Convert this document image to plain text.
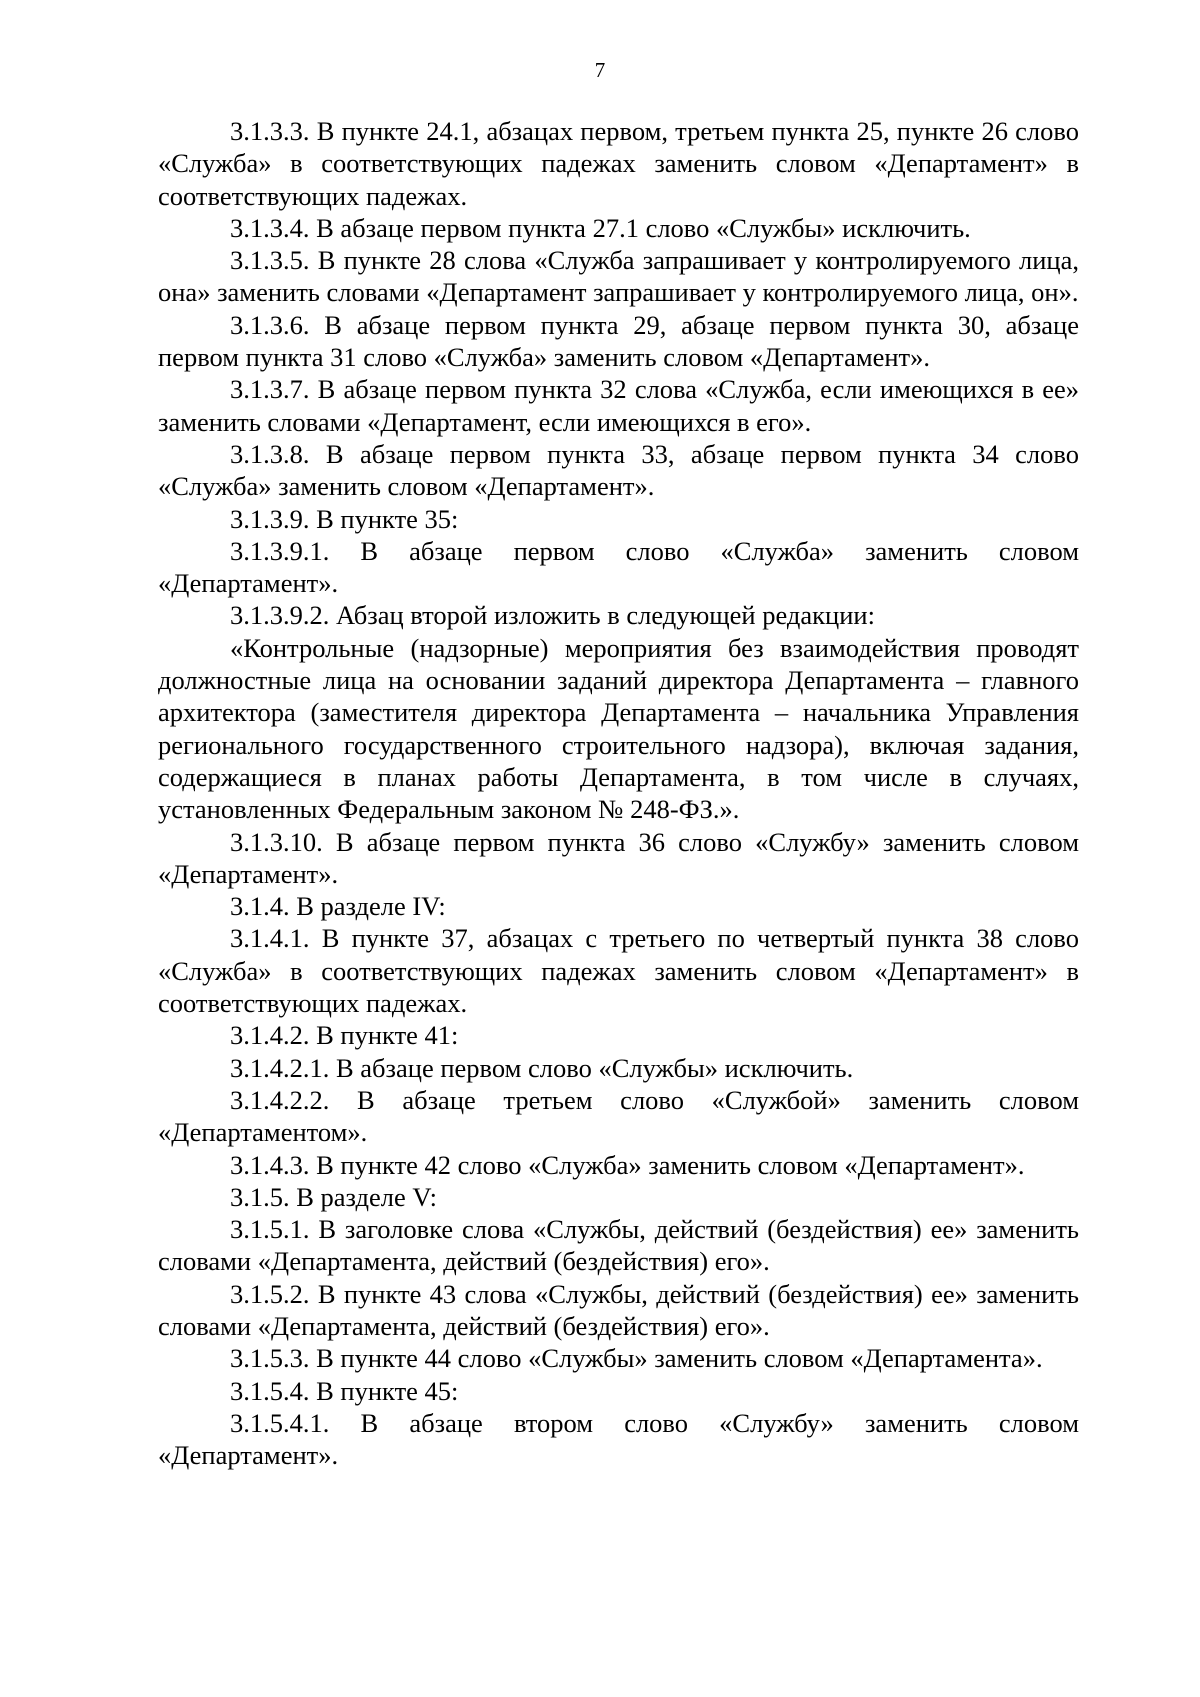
7

3.1.3.3. В пункте 24.1, абзацах первом, третьем пункта 25, пункте 26 слово «Служба» в соответствующих падежах заменить словом «Департамент» в соответствующих падежах.

3.1.3.4. В абзаце первом пункта 27.1 слово «Службы» исключить.

3.1.3.5. В пункте 28 слова «Служба запрашивает у контролируемого лица, она» заменить словами «Департамент запрашивает у контролируемого лица, он».

3.1.3.6. В абзаце первом пункта 29, абзаце первом пункта 30, абзаце первом пункта 31 слово «Служба» заменить словом «Департамент».

3.1.3.7. В абзаце первом пункта 32 слова «Служба, если имеющихся в ее» заменить словами «Департамент, если имеющихся в его».

3.1.3.8. В абзаце первом пункта 33, абзаце первом пункта 34 слово «Служба» заменить словом «Департамент».

3.1.3.9. В пункте 35:

3.1.3.9.1. В абзаце первом слово «Служба» заменить словом «Департамент».

3.1.3.9.2. Абзац второй изложить в следующей редакции:

«Контрольные (надзорные) мероприятия без взаимодействия проводят должностные лица на основании заданий директора Департамента – главного архитектора (заместителя директора Департамента – начальника Управления регионального государственного строительного надзора), включая задания, содержащиеся в планах работы Департамента, в том числе в случаях, установленных Федеральным законом № 248-ФЗ.».

3.1.3.10. В абзаце первом пункта 36 слово «Службу» заменить словом «Департамент».

3.1.4. В разделе IV:

3.1.4.1. В пункте 37, абзацах с третьего по четвертый пункта 38 слово «Служба» в соответствующих падежах заменить словом «Департамент» в соответствующих падежах.

3.1.4.2. В пункте 41:

3.1.4.2.1. В абзаце первом слово «Службы» исключить.

3.1.4.2.2. В абзаце третьем слово «Службой» заменить словом «Департаментом».

3.1.4.3. В пункте 42 слово «Служба» заменить словом «Департамент».

3.1.5. В разделе V:

3.1.5.1. В заголовке слова «Службы, действий (бездействия) ее» заменить словами «Департамента, действий (бездействия) его».

3.1.5.2. В пункте 43 слова «Службы, действий (бездействия) ее» заменить словами «Департамента, действий (бездействия) его».

3.1.5.3. В пункте 44 слово «Службы» заменить словом «Департамента».

3.1.5.4. В пункте 45:

3.1.5.4.1. В абзаце втором слово «Службу» заменить словом «Департамент».
